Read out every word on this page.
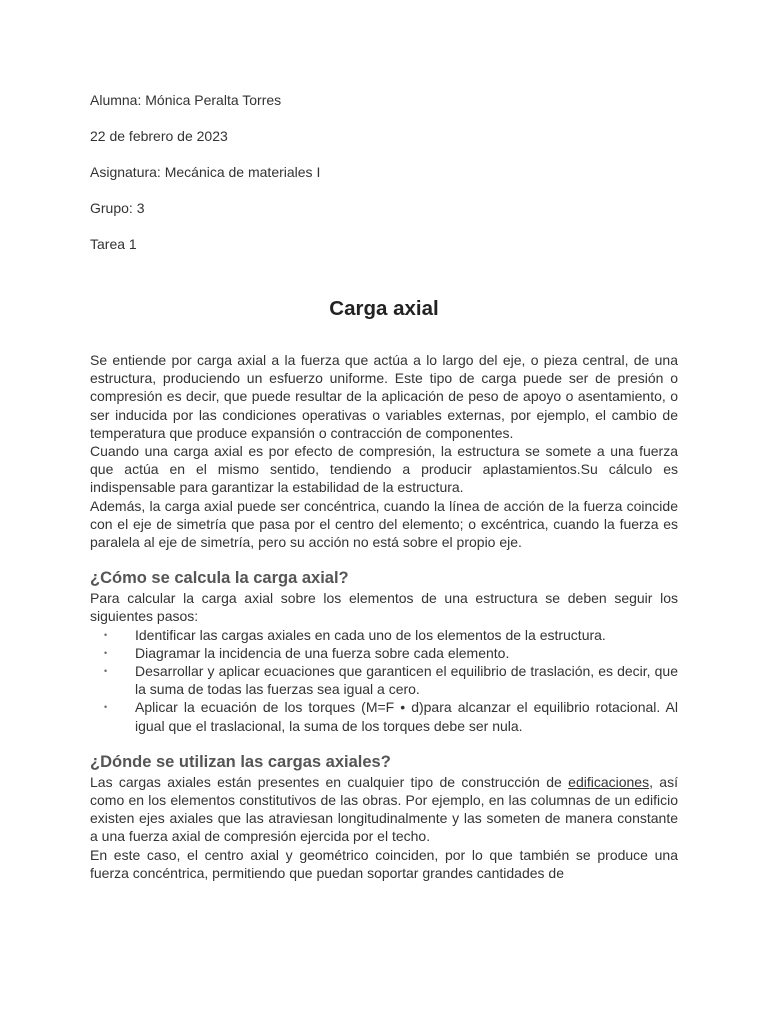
Alumna: Mónica Peralta Torres

22 de febrero de 2023

Asignatura: Mecánica de materiales I

Grupo: 3

Tarea 1

Carga axial

Se entiende por carga axial a la fuerza que actúa a lo largo del eje, o pieza central, de una estructura, produciendo un esfuerzo uniforme. Este tipo de carga puede ser de presión o compresión es decir, que puede resultar de la aplicación de peso de apoyo o asentamiento, o ser inducida por las condiciones operativas o variables externas, por ejemplo, el cambio de temperatura que produce expansión o contracción de componentes.

Cuando una carga axial es por efecto de compresión, la estructura se somete a una fuerza que actúa en el mismo sentido, tendiendo a producir aplastamientos.Su cálculo es indispensable para garantizar la estabilidad de la estructura.

Además, la carga axial puede ser concéntrica, cuando la línea de acción de la fuerza coincide con el eje de simetría que pasa por el centro del elemento; o excéntrica, cuando la fuerza es paralela al eje de simetría, pero su acción no está sobre el propio eje.

¿Cómo se calcula la carga axial?

Para calcular la carga axial sobre los elementos de una estructura se deben seguir los siguientes pasos:

• Identificar las cargas axiales en cada uno de los elementos de la estructura.
• Diagramar la incidencia de una fuerza sobre cada elemento.
• Desarrollar y aplicar ecuaciones que garanticen el equilibrio de traslación, es decir, que la suma de todas las fuerzas sea igual a cero.
• Aplicar la ecuación de los torques (M=F • d)para alcanzar el equilibrio rotacional. Al igual que el traslacional, la suma de los torques debe ser nula.
¿Dónde se utilizan las cargas axiales?

Las cargas axiales están presentes en cualquier tipo de construcción de edificaciones, así como en los elementos constitutivos de las obras. Por ejemplo, en las columnas de un edificio existen ejes axiales que las atraviesan longitudinalmente y las someten de manera constante a una fuerza axial de compresión ejercida por el techo.

En este caso, el centro axial y geométrico coinciden, por lo que también se produce una fuerza concéntrica, permitiendo que puedan soportar grandes cantidades de
